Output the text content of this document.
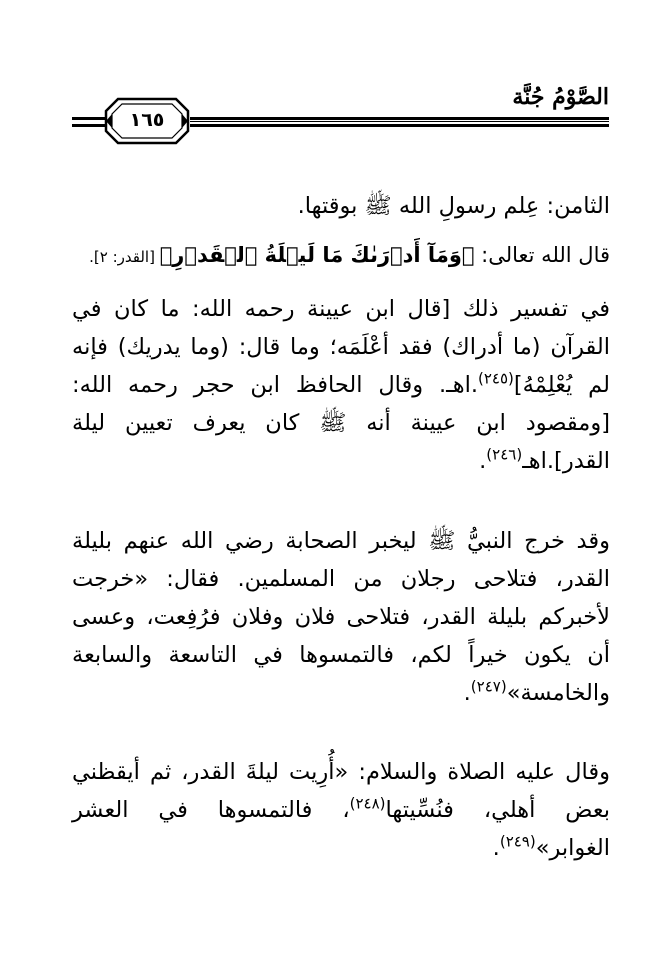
الصَّوْمُ جُنَّة
١٦٥
الثامن: عِلم رسولِ الله ﷺ بوقتها.
قال الله تعالى: ﴿وَمَآ أَدۡرَىٰكَ مَا لَيۡلَةُ ٱلۡقَدۡرِ﴾ [القدر: ٢].
في تفسير ذلك [قال ابن عيينة رحمه الله: ما كان في القرآن (ما أدراك) فقد أعْلَمَه؛ وما قال: (وما يدريك) فإنه لم يُعْلِمْهُ]$^{(٢٤٥)}$.اهـ. وقال الحافظ ابن حجر رحمه الله: [ومقصود ابن عيينة أنه ﷺ كان يعرف تعيين ليلة القدر].اهـ$^{(٢٤٦)}$.
وقد خرج النبيُّ ﷺ ليخبر الصحابة رضي الله عنهم بليلة القدر، فتلاحى رجلان من المسلمين. فقال: «خرجت لأخبركم بليلة القدر، فتلاحى فلان وفلان فرُفِعت، وعسى أن يكون خيراً لكم، فالتمسوها في التاسعة والسابعة والخامسة»$^{(٢٤٧)}$.
وقال عليه الصلاة والسلام: «أُرِيت ليلةَ القدر، ثم أيقظني بعض أهلي، فنُسِّيتها$^{(٢٤٨)}$، فالتمسوها في العشر الغوابر»$^{(٢٤٩)}$.
